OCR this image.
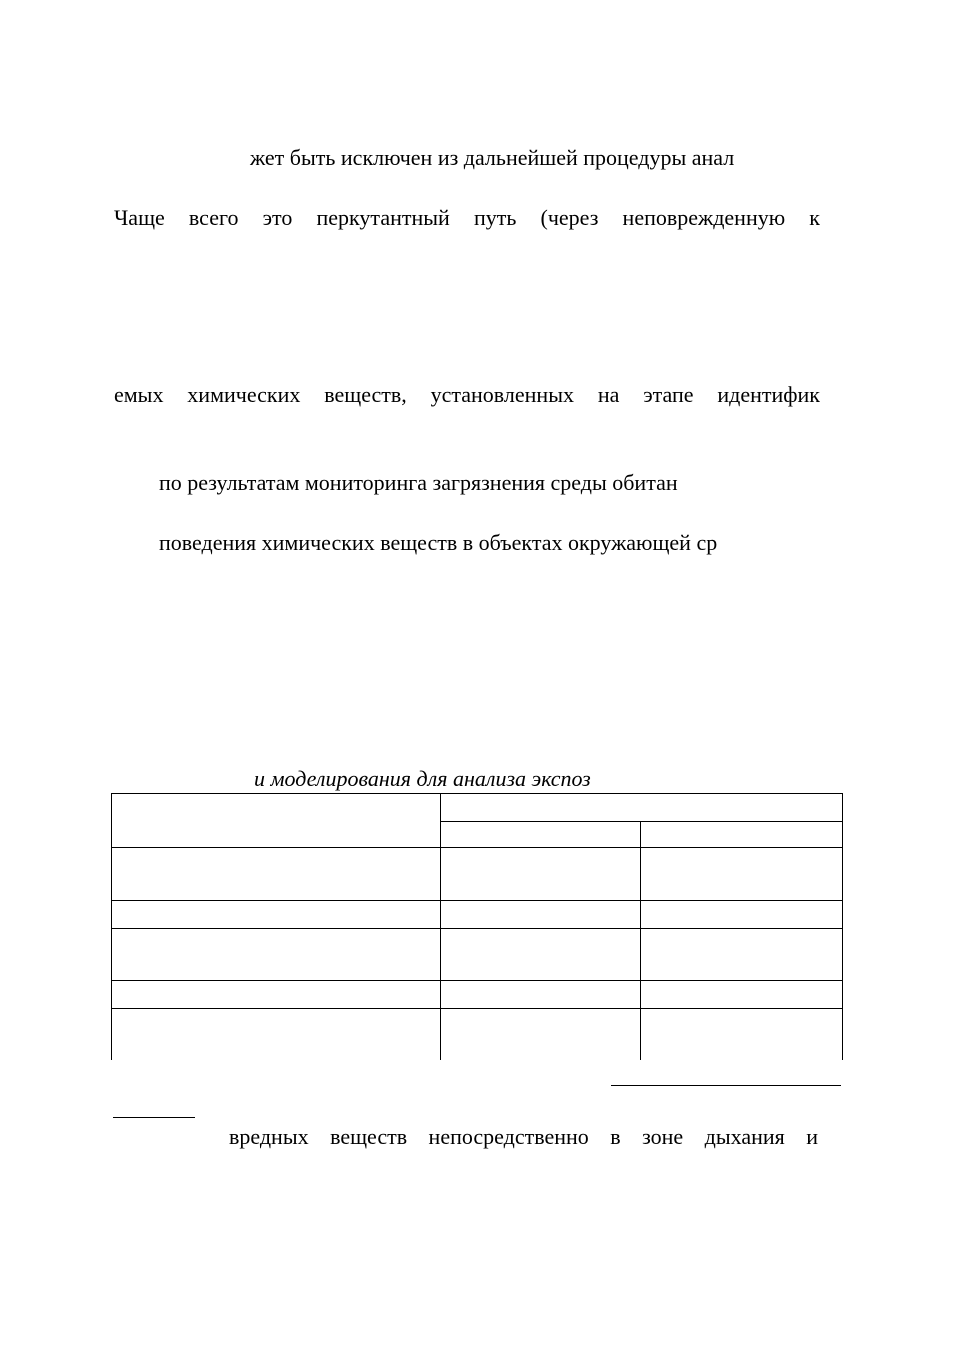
жет быть исключен из дальнейшей процедуры анал

Чаще всего это перкутантный путь (через неповрежденную к

емых химических веществ, установленных на этапе идентифик

по результатам мониторинга загрязнения среды обитан

поведения химических веществ в объектах окружающей ср

и моделирования для анализа экспоз

вредных веществ непосредственно в зоне дыхания и
